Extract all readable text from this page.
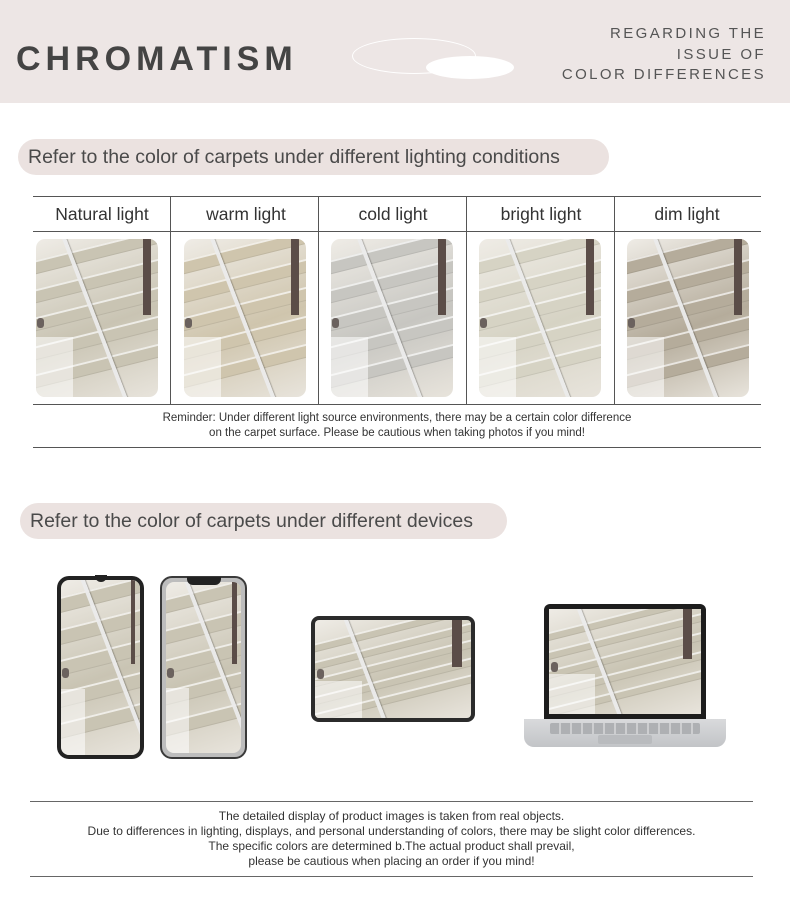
CHROMATISM
REGARDING THE
ISSUE OF
COLOR DIFFERENCES
Refer to the color of carpets under different lighting conditions
Natural light	warm light	cold light	bright light	dim light
Reminder: Under different light source environments, there may be a certain color difference
on the carpet surface. Please be cautious when taking photos if you mind!
Refer to the color of carpets under different devices
The detailed display of product images is taken from real objects.
Due to differences in lighting, displays, and personal understanding of colors, there may be slight color differences.
The specific colors are determined b.The actual product shall prevail,
please be cautious when placing an order if you mind!
